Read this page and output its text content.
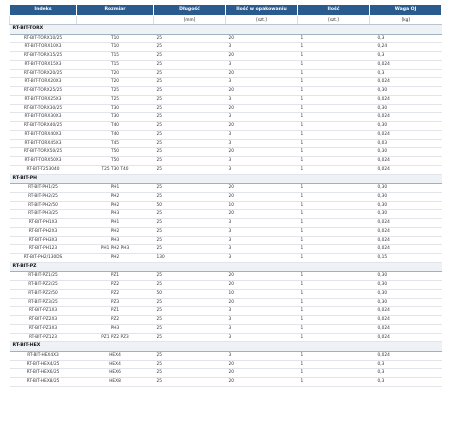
Indeks	Rozmiar	Długość	Ilość w opakowaniu	Ilość	Waga OJ
		[mm]	[szt.]	[szt.]	[kg]
RT-BIT-TORX					
RT-BIT-TORX10/25	T10	25	20	1	0,3
RT-BIT-TORX10X3	T10	25	3	1	0,24
RT-BIT-TORX15/25	T15	25	20	1	0,3
RT-BIT-TORX15X3	T15	25	3	1	0,024
RT-BIT-TORX20/25	T20	25	20	1	0,3
RT-BIT-TORX20X3	T20	25	3	1	0,024
RT-BIT-TORX25/25	T25	25	20	1	0,30
RT-BIT-TORX25X3	T25	25	3	1	0,024
RT-BIT-TORX30/25	T30	25	20	1	0,30
RT-BIT-TORX30X3	T30	25	3	1	0,024
RT-BIT-TORX40/25	T40	25	20	1	0,30
RT-BIT-TORX40X3	T40	25	3	1	0,024
RT-BIT-TORX45X3	T45	25	3	1	0,03
RT-BIT-TORX50/25	T50	25	20	1	0,30
RT-BIT-TORX50X3	T50	25	3	1	0,024
RT-BIT-T253040	T25 T30 T40	25	3	1	0,024
RT-BIT-PH					
RT-BIT-PH1/25	PH1	25	20	1	0,30
RT-BIT-PH2/25	PH2	25	20	1	0,30
RT-BIT-PH2/50	PH2	50	10	1	0,30
RT-BIT-PH3/25	PH3	25	20	1	0,30
RT-BIT-PH1X3	PH1	25	3	1	0,024
RT-BIT-PH2X3	PH2	25	3	1	0,024
RT-BIT-PH3X3	PH3	25	3	1	0,024
RT-BIT-PH123	PH1 PH2 PH3	25	3	1	0,024
RT-BIT-PH2/130DS	PH2	130	3	1	0,15
RT-BIT-PZ					
RT-BIT-PZ1/25	PZ1	25	20	1	0,30
RT-BIT-PZ2/25	PZ2	25	20	1	0,30
RT-BIT-PZ2/50	PZ2	50	10	1	0,30
RT-BIT-PZ3/25	PZ3	25	20	1	0,30
RT-BIT-PZ1X3	PZ1	25	3	1	0,024
RT-BIT-PZ2X3	PZ2	25	3	1	0,024
RT-BIT-PZ3X3	PH3	25	3	1	0,024
RT-BIT-PZ123	PZ1 PZ2 PZ3	25	3	1	0,024
RT-BIT-HEX					
RT-BIT-HEX4X3	HEX4	25	3	1	0,024
RT-BIT-HEX4/25	HEX4	25	20	1	0,3
RT-BIT-HEX6/25	HEX6	25	20	1	0,3
RT-BIT-HEX8/25	HEX8	25	20	1	0,3
